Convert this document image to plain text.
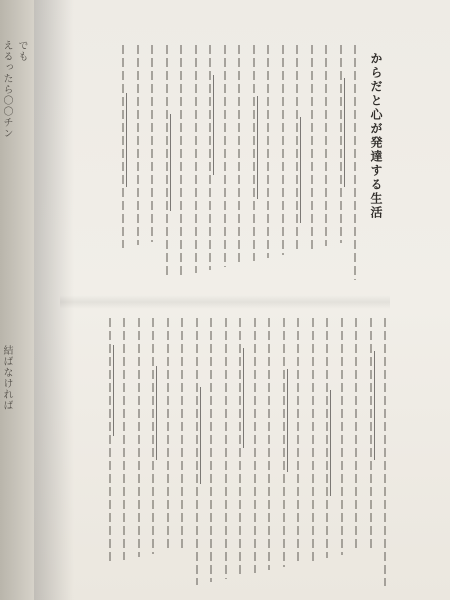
えるったら〇〇チン でも
結ばなければ
からだと心が発達する生活
